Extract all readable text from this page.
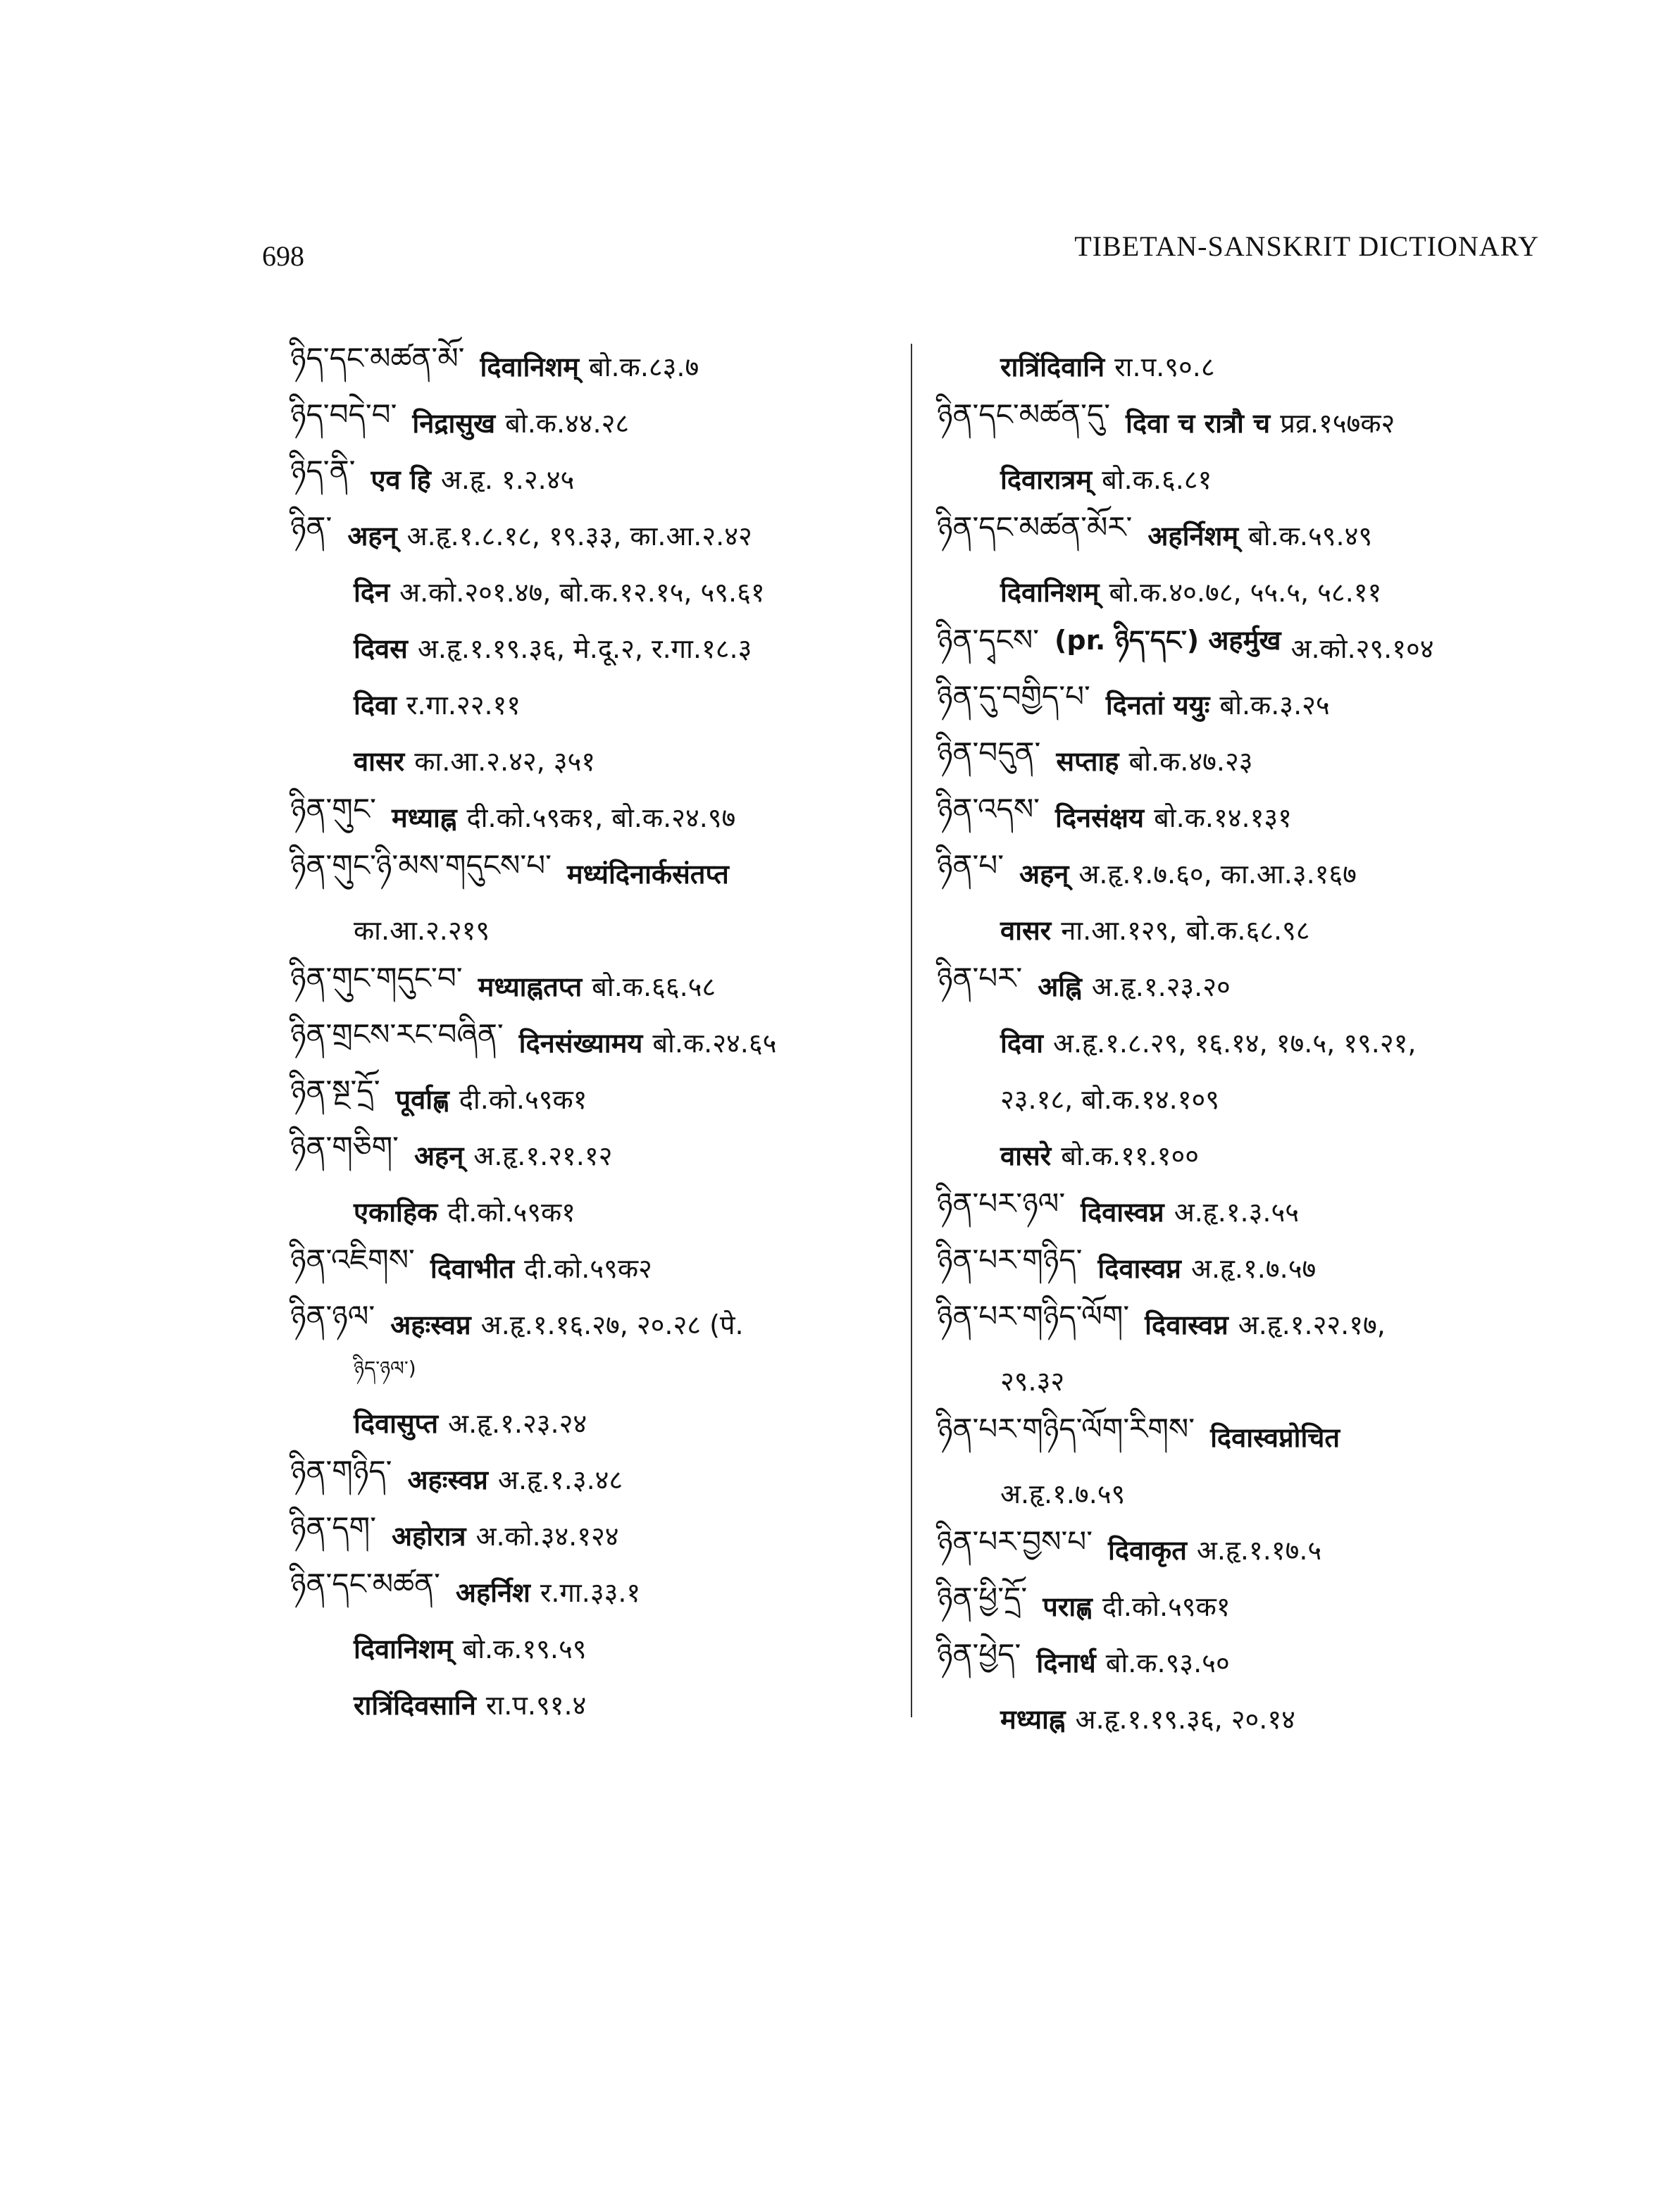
698	TIBETAN-SANSKRIT DICTIONARY
ཉིད་དང་མཚན་མོ་ दिवानिशम् बो.क.८३.७
ཉིད་བདེ་བ་ निद्रासुख बो.क.४४.२८
ཉིད་ནི་ एव हि अ.हृ. १.२.४५
ཉིན་ अहन् अ.हृ.१.८.१८, १९.३३, का.आ.२.४२
दिन अ.को.२०१.४७, बो.क.१२.१५, ५९.६१
दिवस अ.हृ.१.१९.३६, मे.दू.२, र.गा.१८.३
दिवा र.गा.२२.११
वासर का.आ.२.४२, ३५१
ཉིན་གུང་ मध्याह्न दी.को.५९क१, बो.क.२४.९७
ཉིན་གུང་ཉི་མས་གདུངས་པ་ मध्यंदिनार्कसंतप्त
का.आ.२.२१९
ཉིན་གུང་གདུང་བ་ मध्याह्नतप्त बो.क.६६.५८
ཉིན་གྲངས་རང་བཞིན་ दिनसंख्यामय बो.क.२४.६५
ཉིན་སྔ་དྲོ་ पूर्वाह्ण दी.को.५९क१
ཉིན་གཅིག་ अहन् अ.हृ.१.२१.१२
एकाहिक दी.को.५९क१
ཉིན་འཇིགས་ दिवाभीत दी.को.५९क२
ཉིན་ཉལ་ अहःस्वप्न अ.हृ.१.१६.२७, २०.२८ (पे.
ཉིད་ཉལ་)
दिवासुप्त अ.हृ.१.२३.२४
ཉིན་གཉིད་ अहःस्वप्न अ.हृ.१.३.४८
ཉིན་དག་ अहोरात्र अ.को.३४.१२४
ཉིན་དང་མཚན་ अहर्निश र.गा.३३.१
दिवानिशम् बो.क.१९.५९
रात्रिंदिवसानि रा.प.९१.४
रात्रिंदिवानि रा.प.९०.८
ཉིན་དང་མཚན་དུ་ दिवा च रात्रौ च प्रव्र.१५७क२
दिवारात्रम् बो.क.६.८१
ཉིན་དང་མཚན་མོར་ अहर्निशम् बो.क.५९.४९
दिवानिशम् बो.क.४०.७८, ५५.५, ५८.११
ཉིན་དྭངས་ (pr. ཉིད་དང་) अहर्मुख अ.को.२९.१०४
ཉིན་དུ་བགྱིད་པ་ दिनतां ययुः बो.क.३.२५
ཉིན་བདུན་ सप्ताह बो.क.४७.२३
ཉིན་འདས་ दिनसंक्षय बो.क.१४.१३१
ཉིན་པ་ अहन् अ.हृ.१.७.६०, का.आ.३.१६७
वासर ना.आ.१२९, बो.क.६८.९८
ཉིན་པར་ अह्नि अ.हृ.१.२३.२०
दिवा अ.हृ.१.८.२९, १६.१४, १७.५, १९.२१,
२३.१८, बो.क.१४.१०९
वासरे बो.क.११.१००
ཉིན་པར་ཉལ་ दिवास्वप्न अ.हृ.१.३.५५
ཉིན་པར་གཉིད་ दिवास्वप्न अ.हृ.१.७.५७
ཉིན་པར་གཉིད་ལོག་ दिवास्वप्न अ.हृ.१.२२.१७,
२९.३२
ཉིན་པར་གཉིད་ལོག་རིགས་ दिवास्वप्नोचित
अ.हृ.१.७.५९
ཉིན་པར་བྱས་པ་ दिवाकृत अ.हृ.१.१७.५
ཉིན་ཕྱི་དྲོ་ पराह्ण दी.को.५९क१
ཉིན་ཕྱེད་ दिनार्ध बो.क.९३.५०
मध्याह्न अ.हृ.१.१९.३६, २०.१४
